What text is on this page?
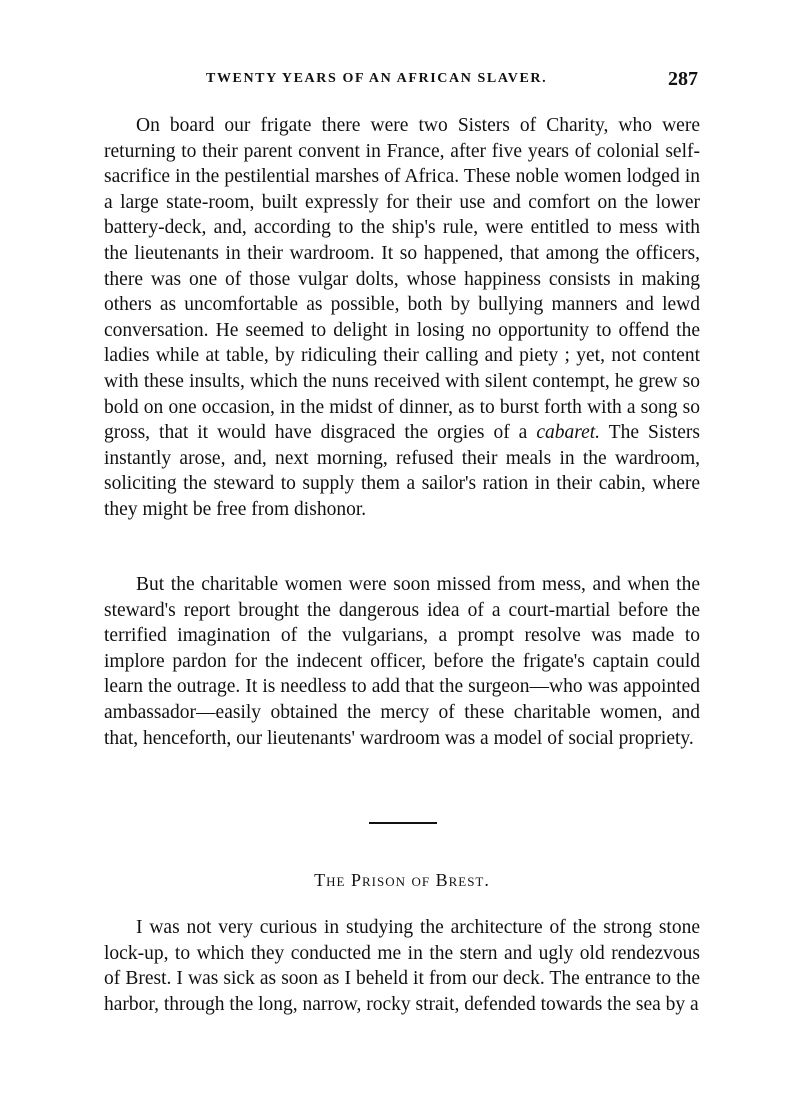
TWENTY YEARS OF AN AFRICAN SLAVER.	287

On board our frigate there were two Sisters of Charity, who were returning to their parent convent in France, after five years of colonial self-sacrifice in the pestilential marshes of Africa. These noble women lodged in a large state-room, built expressly for their use and comfort on the lower battery-deck, and, according to the ship's rule, were entitled to mess with the lieutenants in their wardroom. It so happened, that among the officers, there was one of those vulgar dolts, whose happiness consists in making others as uncomfortable as possible, both by bullying manners and lewd conversation. He seemed to delight in losing no opportunity to offend the ladies while at table, by ridiculing their calling and piety ; yet, not content with these insults, which the nuns received with silent contempt, he grew so bold on one occasion, in the midst of dinner, as to burst forth with a song so gross, that it would have disgraced the orgies of a cabaret. The Sisters instantly arose, and, next morning, refused their meals in the wardroom, soliciting the steward to supply them a sailor's ration in their cabin, where they might be free from dishonor.

But the charitable women were soon missed from mess, and when the steward's report brought the dangerous idea of a court-martial before the terrified imagination of the vulgarians, a prompt resolve was made to implore pardon for the indecent officer, before the frigate's captain could learn the outrage. It is needless to add that the surgeon—who was appointed ambassador—easily obtained the mercy of these charitable women, and that, henceforth, our lieutenants' wardroom was a model of social propriety.

The Prison of Brest.

I was not very curious in studying the architecture of the strong stone lock-up, to which they conducted me in the stern and ugly old rendezvous of Brest. I was sick as soon as I beheld it from our deck. The entrance to the harbor, through the long, narrow, rocky strait, defended towards the sea by a
